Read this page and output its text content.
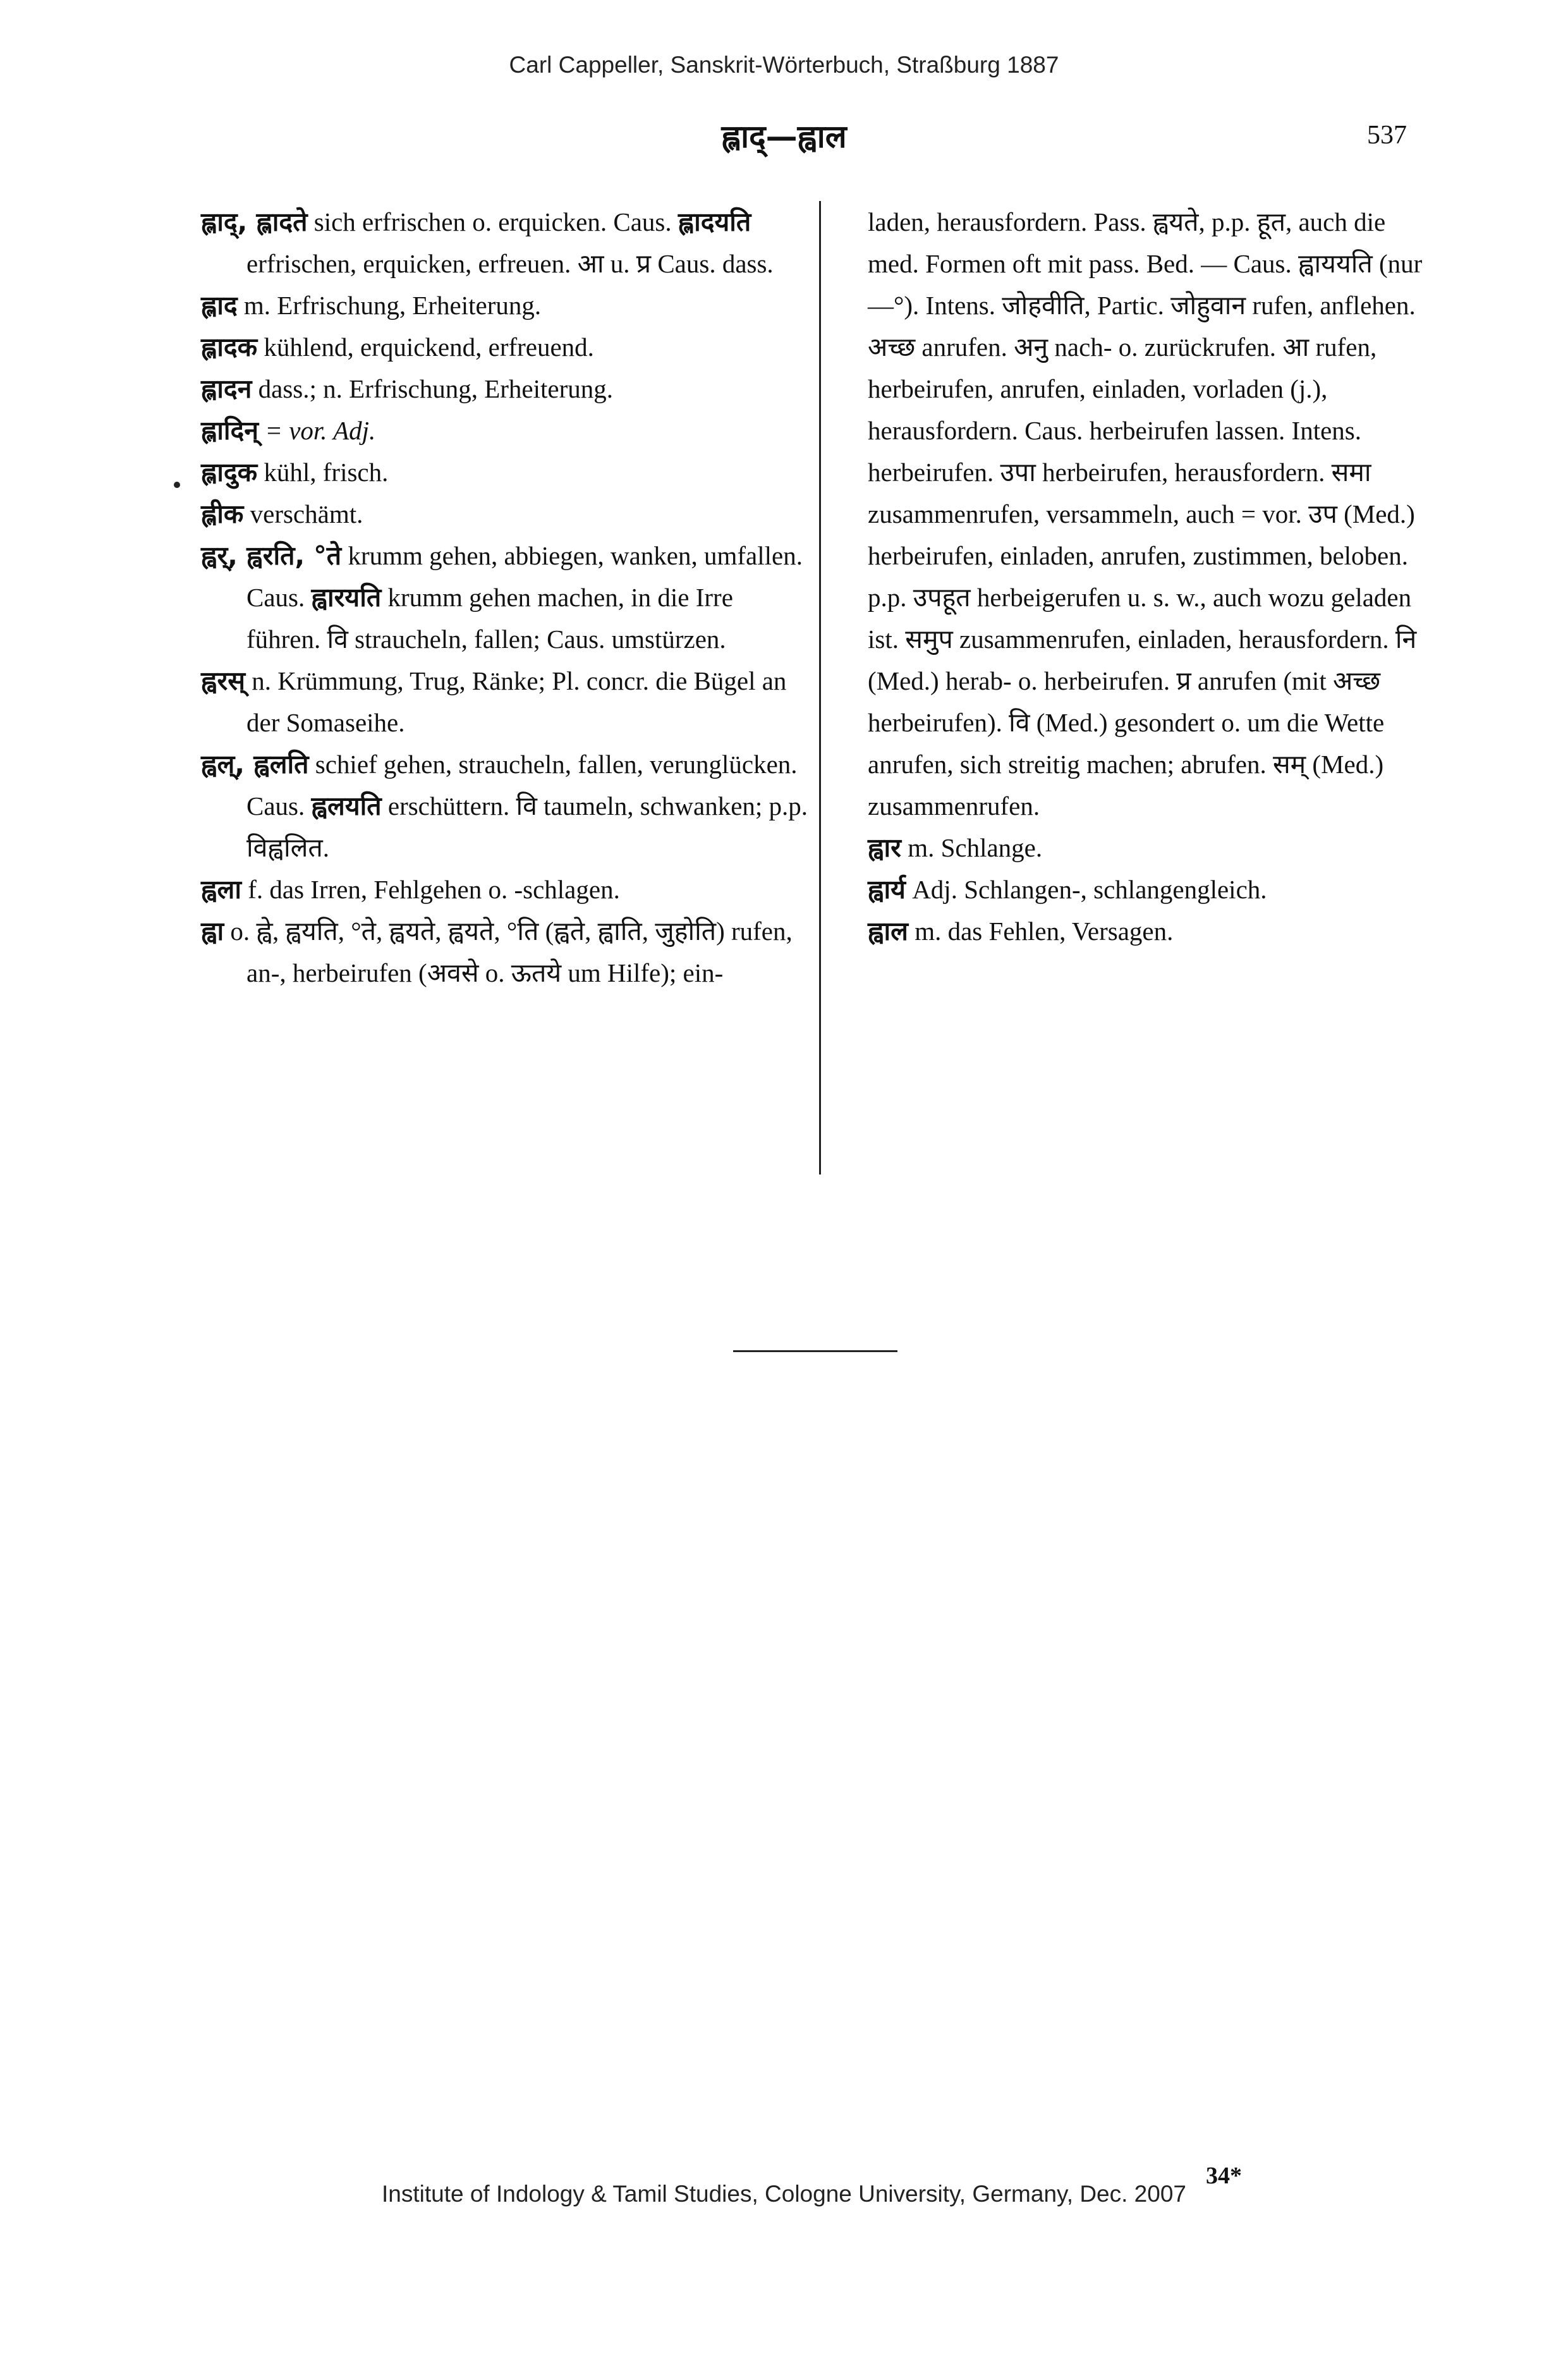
Carl Cappeller, Sanskrit-Wörterbuch, Straßburg 1887
ह्लाद्—ह्वाल	537

ह्लाद्, ह्लादते sich erfrischen o. erquicken. Caus. ह्लादयति erfrischen, erquicken, erfreuen. आ u. प्र Caus. dass.

ह्लाद m. Erfrischung, Erheiterung.

ह्लादक kühlend, erquickend, erfreuend.

ह्लादन dass.; n. Erfrischung, Erheiterung.

ह्लादिन् = vor. Adj.

ह्लादुक kühl, frisch.

ह्लीक verschämt.

ह्वर्, ह्वरति, °ते krumm gehen, abbiegen, wanken, umfallen. Caus. ह्वारयति krumm gehen machen, in die Irre führen. वि straucheln, fallen; Caus. umstürzen.

ह्वरस् n. Krümmung, Trug, Ränke; Pl. concr. die Bügel an der Somaseihe.

ह्वल्, ह्वलति schief gehen, straucheln, fallen, verunglücken. Caus. ह्वलयति erschüttern. वि taumeln, schwanken; p.p. विह्वलित.

ह्वला f. das Irren, Fehlgehen o. -schlagen.

ह्वा o. ह्वे, ह्वयति, °ते, ह्वयते, ह्वयते, °ति (ह्वते, ह्वाति, जुहोति) rufen, an-, herbeirufen (अवसे o. ऊतये um Hilfe); ein-

laden, herausfordern. Pass. ह्वयते, p.p. हूत, auch die med. Formen oft mit pass. Bed. — Caus. ह्वाययति (nur —°). Intens. जोहवीति, Partic. जोहुवान rufen, anflehen. अच्छ anrufen. अनु nach- o. zurückrufen. आ rufen, herbeirufen, anrufen, einladen, vorladen (j.), herausfordern. Caus. herbeirufen lassen. Intens. herbeirufen. उपा herbeirufen, herausfordern. समा zusammenrufen, versammeln, auch = vor. उप (Med.) herbeirufen, einladen, anrufen, zustimmen, beloben. p.p. उपहूत herbeigerufen u. s. w., auch wozu geladen ist. समुप zusammenrufen, einladen, herausfordern. नि (Med.) herab- o. herbeirufen. प्र anrufen (mit अच्छ herbeirufen). वि (Med.) gesondert o. um die Wette anrufen, sich streitig machen; abrufen. सम् (Med.) zusammenrufen.

ह्वार m. Schlange.

ह्वार्य Adj. Schlangen-, schlangengleich.

ह्वाल m. das Fehlen, Versagen.

34*
Institute of Indology & Tamil Studies, Cologne University, Germany, Dec. 2007
